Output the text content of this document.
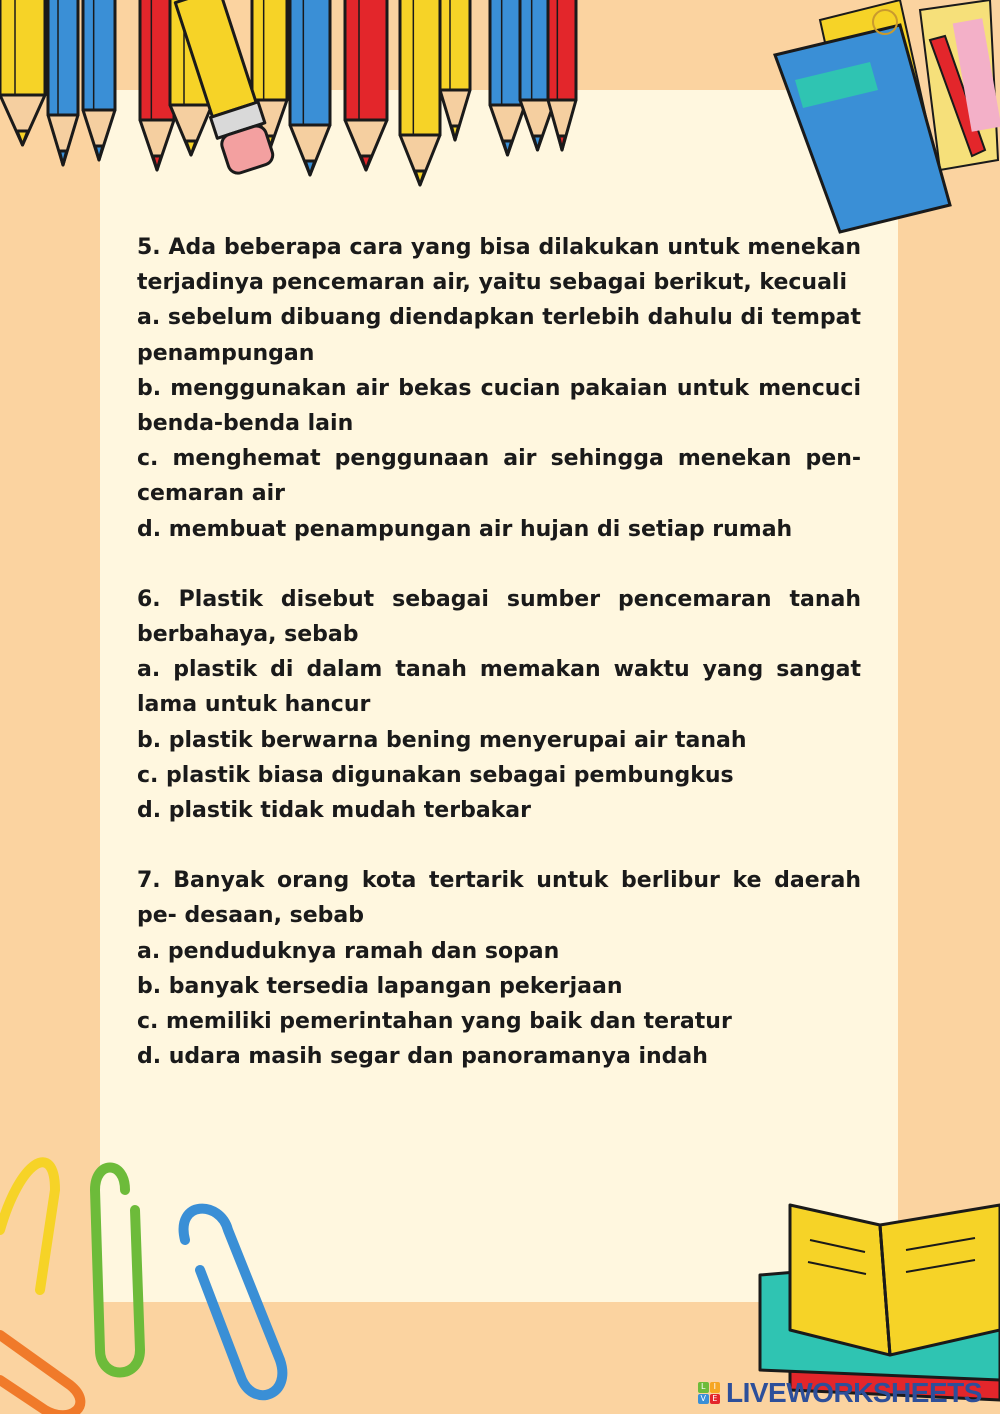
5. Ada beberapa cara yang bisa dilakukan untuk menekan terjadinya pencemaran air, yaitu sebagai berikut, kecuali

a. sebelum dibuang diendapkan terlebih dahulu di tempat penampungan

b. menggunakan air bekas cucian pakaian untuk mencuci benda-benda lain

c. menghemat penggunaan air sehingga menekan pen- cemaran air

d. membuat penampungan air hujan di setiap rumah

6. Plastik disebut sebagai sumber pencemaran tanah berbahaya, sebab

a. plastik di dalam tanah memakan waktu yang sangat lama untuk hancur

b. plastik berwarna bening menyerupai air tanah

c. plastik biasa digunakan sebagai pembungkus

d. plastik tidak mudah terbakar

7. Banyak orang kota tertarik untuk berlibur ke daerah pe- desaan, sebab

a. penduduknya ramah dan sopan

b. banyak tersedia lapangan pekerjaan

c. memiliki pemerintahan yang baik dan teratur

d. udara masih segar dan panoramanya indah

L	I
V E LIVEWORKSHEETS
